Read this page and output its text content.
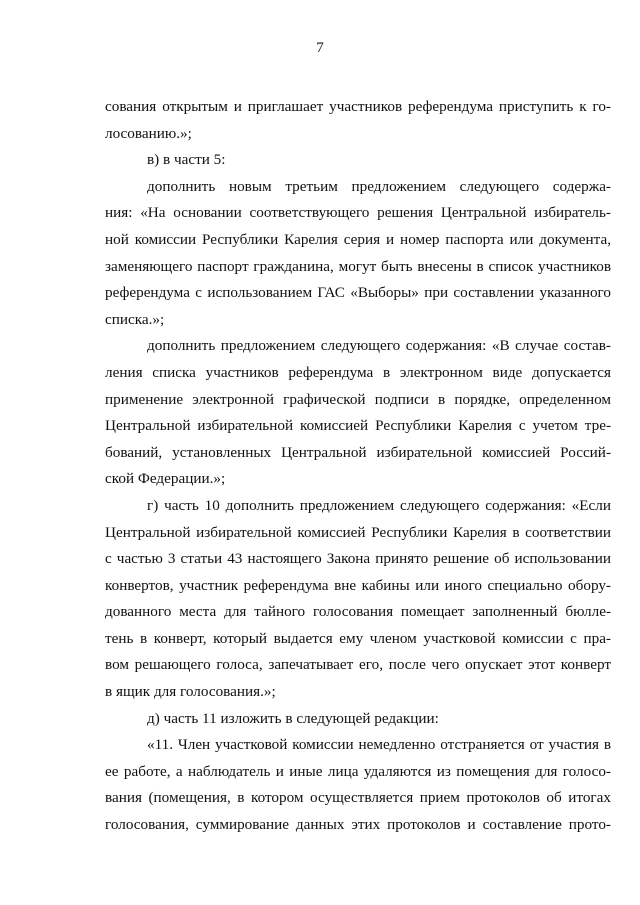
7
сования открытым и приглашает участников референдума приступить к го-
лосованию.»;
в) в части 5:
дополнить новым третьим предложением следующего содержа-
ния: «На основании соответствующего решения Центральной избиратель-
ной комиссии Республики Карелия серия и номер паспорта или документа,
заменяющего паспорт гражданина, могут быть внесены в список участников
референдума с использованием ГАС «Выборы» при составлении указанного
списка.»;
дополнить предложением следующего содержания: «В случае состав-
ления списка участников референдума в электронном виде допускается
применение электронной графической подписи в порядке, определенном
Центральной избирательной комиссией Республики Карелия с учетом тре-
бований, установленных Центральной избирательной комиссией Россий-
ской Федерации.»;
г) часть 10 дополнить предложением следующего содержания: «Если
Центральной избирательной комиссией Республики Карелия в соответствии
с частью 3 статьи 43 настоящего Закона принято решение об использовании
конвертов, участник референдума вне кабины или иного специально обору-
дованного места для тайного голосования помещает заполненный бюлле-
тень в конверт, который выдается ему членом участковой комиссии с пра-
вом решающего голоса, запечатывает его, после чего опускает этот конверт
в ящик для голосования.»;
д) часть 11 изложить в следующей редакции:
«11. Член участковой комиссии немедленно отстраняется от участия в
ее работе, а наблюдатель и иные лица удаляются из помещения для голосо-
вания (помещения, в котором осуществляется прием протоколов об итогах
голосования, суммирование данных этих протоколов и составление прото-
